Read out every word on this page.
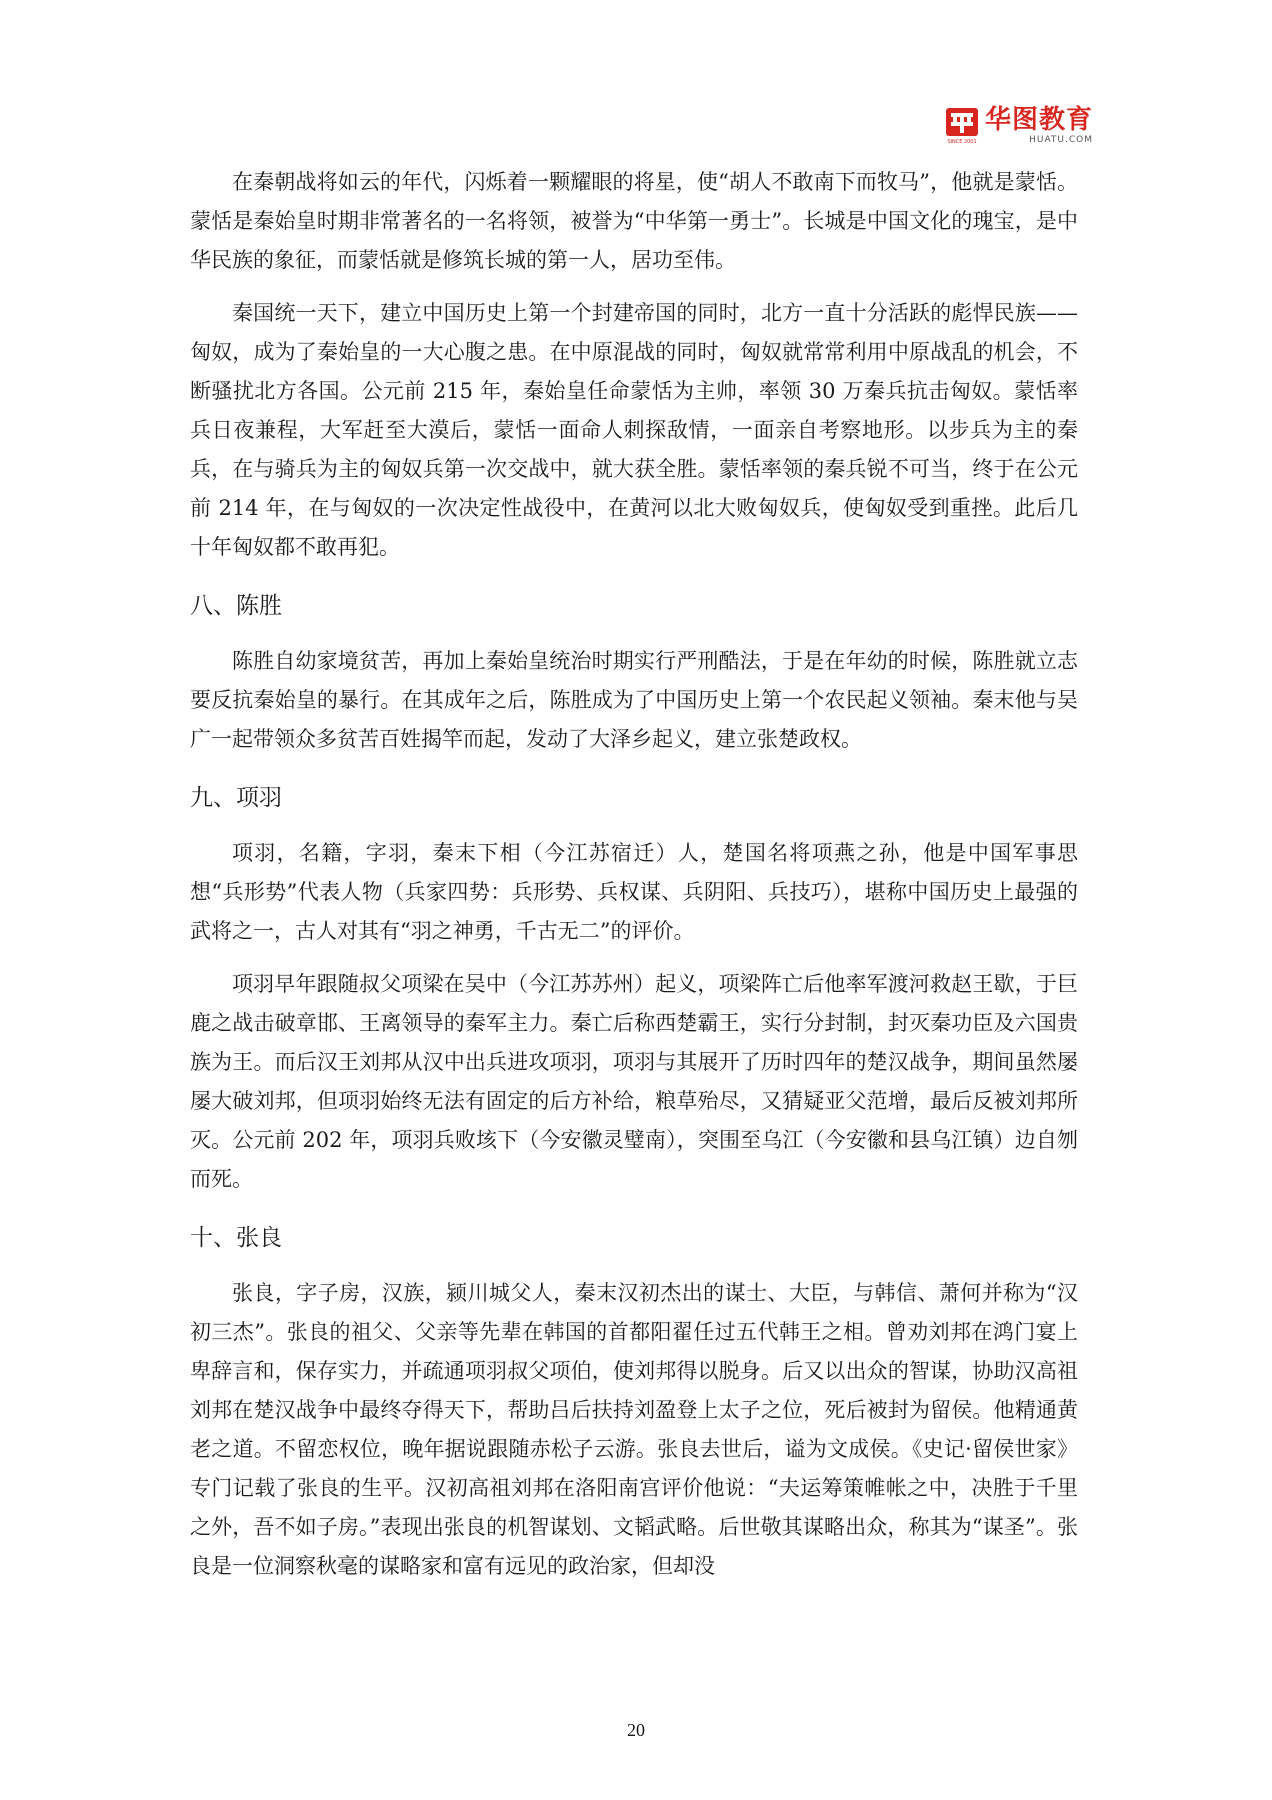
SINCE 2001
华图教育
HUATU.COM

在秦朝战将如云的年代，闪烁着一颗耀眼的将星，使“胡人不敢南下而牧马”，他就是蒙恬。蒙恬是秦始皇时期非常著名的一名将领，被誉为“中华第一勇士”。长城是中国文化的瑰宝，是中华民族的象征，而蒙恬就是修筑长城的第一人，居功至伟。

秦国统一天下，建立中国历史上第一个封建帝国的同时，北方一直十分活跃的彪悍民族——匈奴，成为了秦始皇的一大心腹之患。在中原混战的同时，匈奴就常常利用中原战乱的机会，不断骚扰北方各国。公元前 215 年，秦始皇任命蒙恬为主帅，率领 30 万秦兵抗击匈奴。蒙恬率兵日夜兼程，大军赶至大漠后，蒙恬一面命人刺探敌情，一面亲自考察地形。以步兵为主的秦兵，在与骑兵为主的匈奴兵第一次交战中，就大获全胜。蒙恬率领的秦兵锐不可当，终于在公元前 214 年，在与匈奴的一次决定性战役中，在黄河以北大败匈奴兵，使匈奴受到重挫。此后几十年匈奴都不敢再犯。

八、陈胜

陈胜自幼家境贫苦，再加上秦始皇统治时期实行严刑酷法，于是在年幼的时候，陈胜就立志要反抗秦始皇的暴行。在其成年之后，陈胜成为了中国历史上第一个农民起义领袖。秦末他与吴广一起带领众多贫苦百姓揭竿而起，发动了大泽乡起义，建立张楚政权。

九、项羽

项羽，名籍，字羽，秦末下相（今江苏宿迁）人，楚国名将项燕之孙，他是中国军事思想“兵形势”代表人物（兵家四势：兵形势、兵权谋、兵阴阳、兵技巧），堪称中国历史上最强的武将之一，古人对其有“羽之神勇，千古无二”的评价。

项羽早年跟随叔父项梁在吴中（今江苏苏州）起义，项梁阵亡后他率军渡河救赵王歇，于巨鹿之战击破章邯、王离领导的秦军主力。秦亡后称西楚霸王，实行分封制，封灭秦功臣及六国贵族为王。而后汉王刘邦从汉中出兵进攻项羽，项羽与其展开了历时四年的楚汉战争，期间虽然屡屡大破刘邦，但项羽始终无法有固定的后方补给，粮草殆尽，又猜疑亚父范增，最后反被刘邦所灭。公元前 202 年，项羽兵败垓下（今安徽灵璧南），突围至乌江（今安徽和县乌江镇）边自刎而死。

十、张良

张良，字子房，汉族，颍川城父人，秦末汉初杰出的谋士、大臣，与韩信、萧何并称为“汉初三杰”。张良的祖父、父亲等先辈在韩国的首都阳翟任过五代韩王之相。曾劝刘邦在鸿门宴上卑辞言和，保存实力，并疏通项羽叔父项伯，使刘邦得以脱身。后又以出众的智谋，协助汉高祖刘邦在楚汉战争中最终夺得天下，帮助吕后扶持刘盈登上太子之位，死后被封为留侯。他精通黄老之道。不留恋权位，晚年据说跟随赤松子云游。张良去世后，谥为文成侯。《史记·留侯世家》专门记载了张良的生平。汉初高祖刘邦在洛阳南宫评价他说：“夫运筹策帷帐之中，决胜于千里之外，吾不如子房。”表现出张良的机智谋划、文韬武略。后世敬其谋略出众，称其为“谋圣”。张良是一位洞察秋毫的谋略家和富有远见的政治家，但却没

20
